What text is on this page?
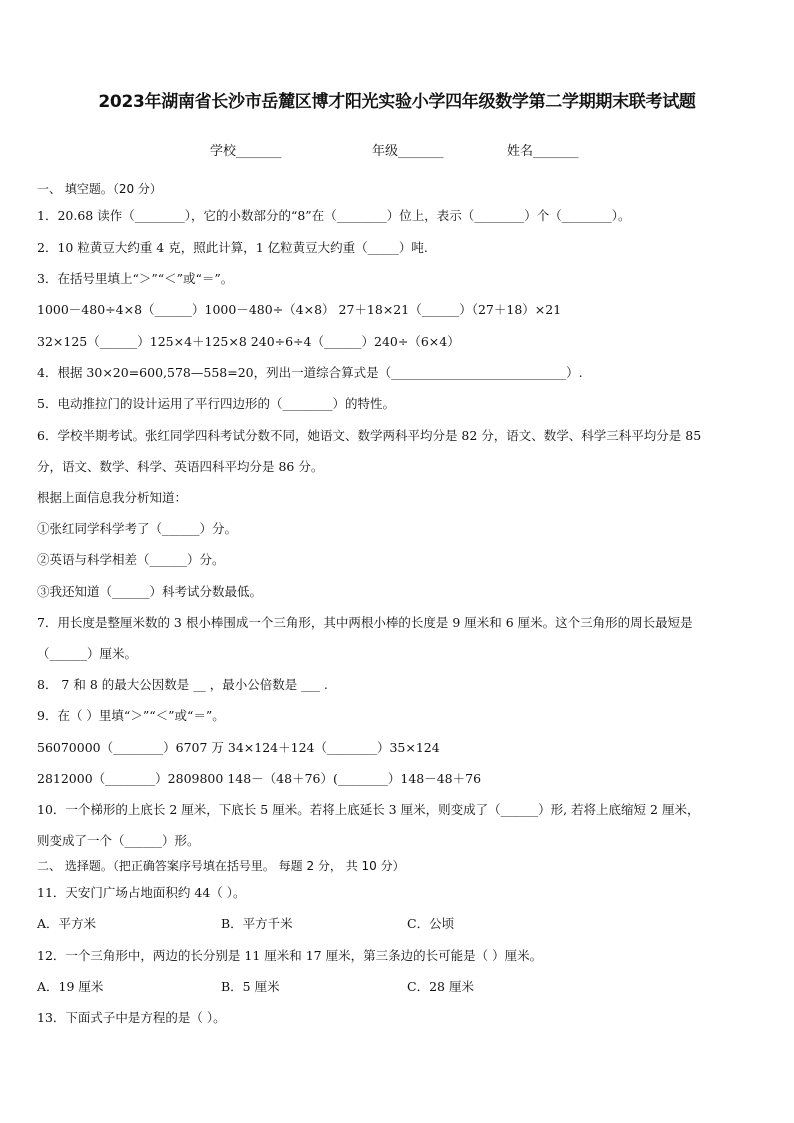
2023年湖南省长沙市岳麓区博才阳光实验小学四年级数学第二学期期末联考试题
学校_______	年级_______	姓名_______
一、 填空题。（20 分）
1．20.68 读作（________），它的小数部分的“8”在（________）位上，表示（________）个（________）。
2．10 粒黄豆大约重 4 克，照此计算，1 亿粒黄豆大约重（_____）吨.
3．在括号里填上“＞”“＜”或“＝”。
1000－480÷4×8（______）1000－480÷（4×8） 27＋18×21（______）（27＋18）×21
32×125（______）125×4＋125×8 240÷6÷4（______）240÷（6×4）
4．根据 30×20=600,578—558=20，列出一道综合算式是（____________________________）.
5．电动推拉门的设计运用了平行四边形的（________）的特性。
6．学校半期考试。张红同学四科考试分数不同，她语文、数学两科平均分是 82 分，语文、数学、科学三科平均分是 85
分，语文、数学、科学、英语四科平均分是 86 分。
根据上面信息我分析知道：
①张红同学科学考了（______）分。
②英语与科学相差（______）分。
③我还知道（______）科考试分数最低。
7．用长度是整厘米数的 3 根小棒围成一个三角形，其中两根小棒的长度是 9 厘米和 6 厘米。这个三角形的周长最短是
（______）厘米。
8． 7 和 8 的最大公因数是 __ ，最小公倍数是 ___ .
9．在（ ）里填“＞”“＜”或“＝”。
56070000（________）6707 万 34×124＋124（________）35×124
2812000（________）2809800 148－（48＋76）(________）148－48＋76
10．一个梯形的上底长 2 厘米，下底长 5 厘米。若将上底延长 3 厘米，则变成了（______）形, 若将上底缩短 2 厘米，
则变成了一个（______）形。
二、 选择题。（把正确答案序号填在括号里。 每题 2 分， 共 10 分）
11．天安门广场占地面积约 44（ ）。
A．平方米	B．平方千米	C．公顷
12．一个三角形中，两边的长分别是 11 厘米和 17 厘米，第三条边的长可能是（ ）厘米。
A．19 厘米	B．5 厘米	C．28 厘米
13．下面式子中是方程的是（ ）。
